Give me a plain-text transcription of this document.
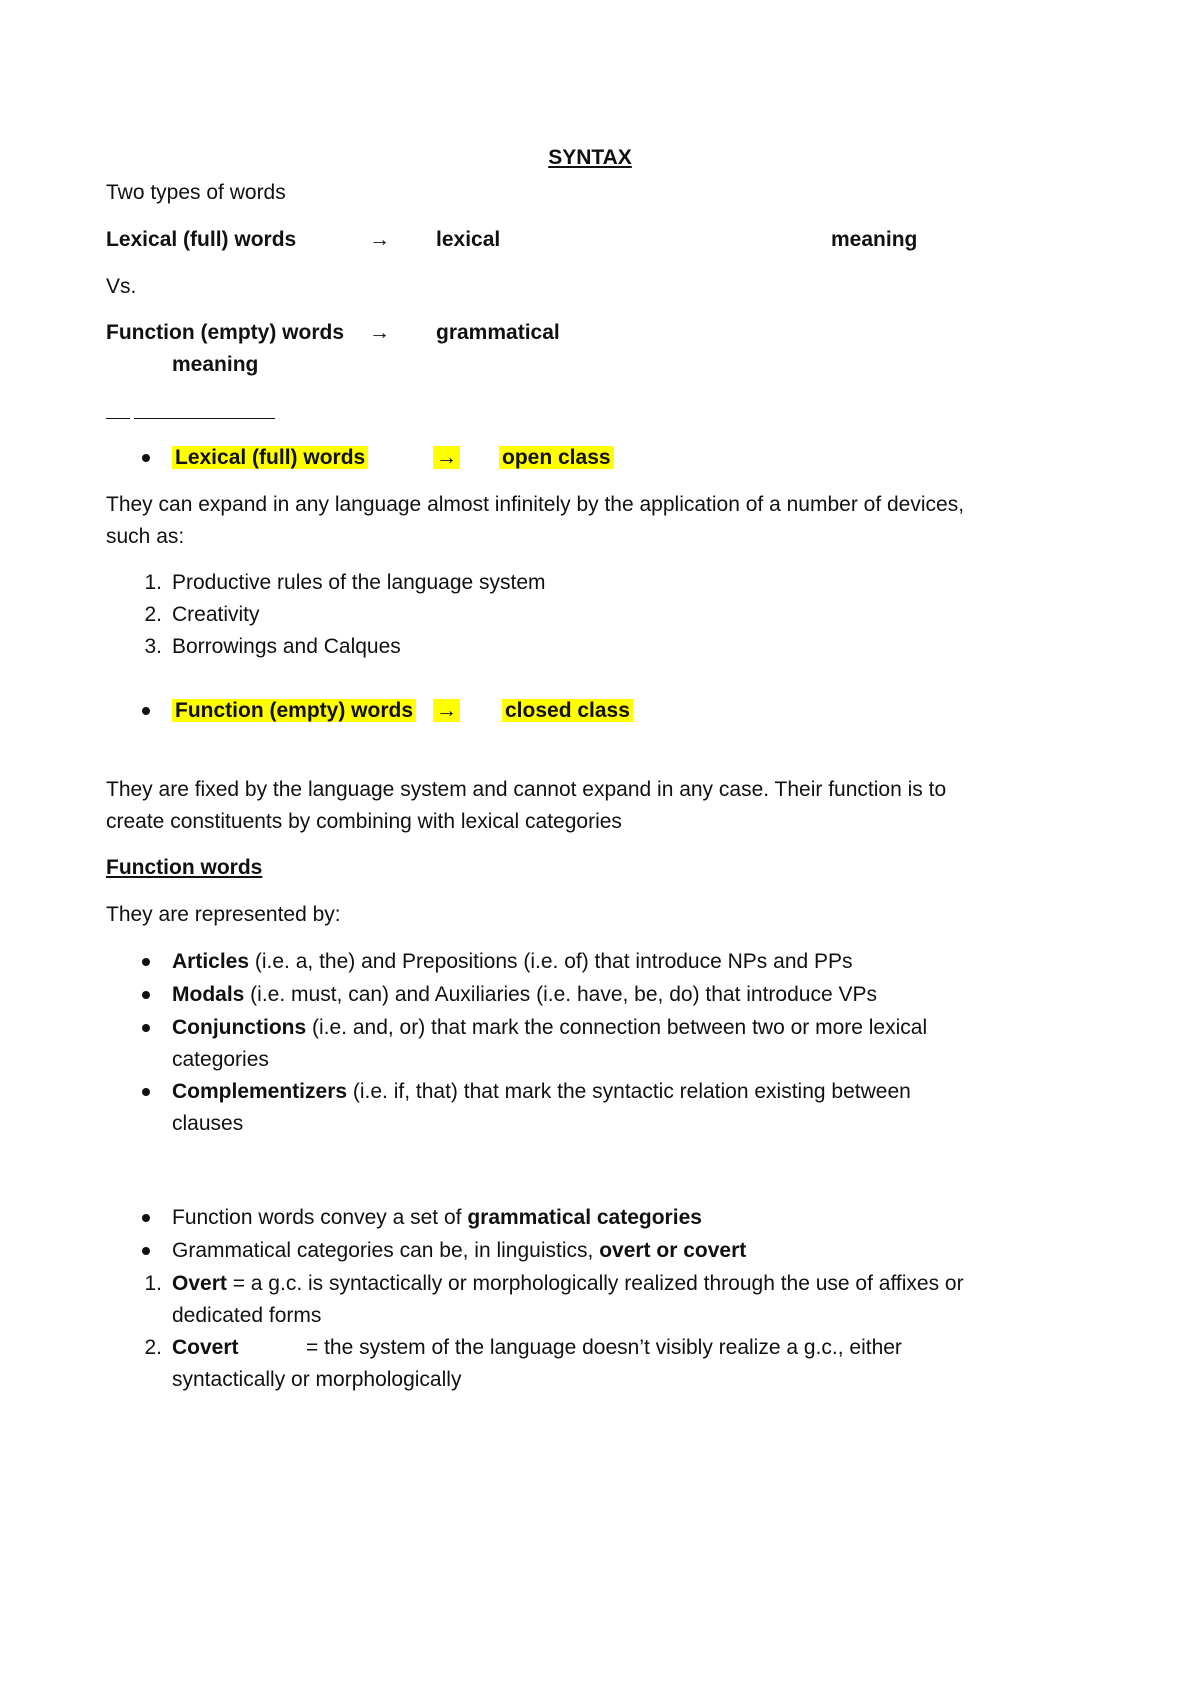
SYNTAX
Two types of words
Lexical (full) words	→ lexical	meaning
Vs.
Function (empty) words → grammatical
meaning
Lexical (full) words	→ open class
They can expand in any language almost infinitely by the application of a number of devices,
such as:
1. Productive rules of the language system
2. Creativity
3. Borrowings and Calques
Function (empty) words → closed class
They are fixed by the language system and cannot expand in any case. Their function is to
create constituents by combining with lexical categories
Function words
They are represented by:
Articles (i.e. a, the) and Prepositions (i.e. of) that introduce NPs and PPs
Modals (i.e. must, can) and Auxiliaries (i.e. have, be, do) that introduce VPs
Conjunctions (i.e. and, or) that mark the connection between two or more lexical
categories
Complementizers (i.e. if, that) that mark the syntactic relation existing between
clauses
Function words convey a set of grammatical categories
Grammatical categories can be, in linguistics, overt or covert
1. Overt = a g.c. is syntactically or morphologically realized through the use of affixes or
dedicated forms
2. Covert	= the system of the language doesn’t visibly realize a g.c., either
syntactically or morphologically
